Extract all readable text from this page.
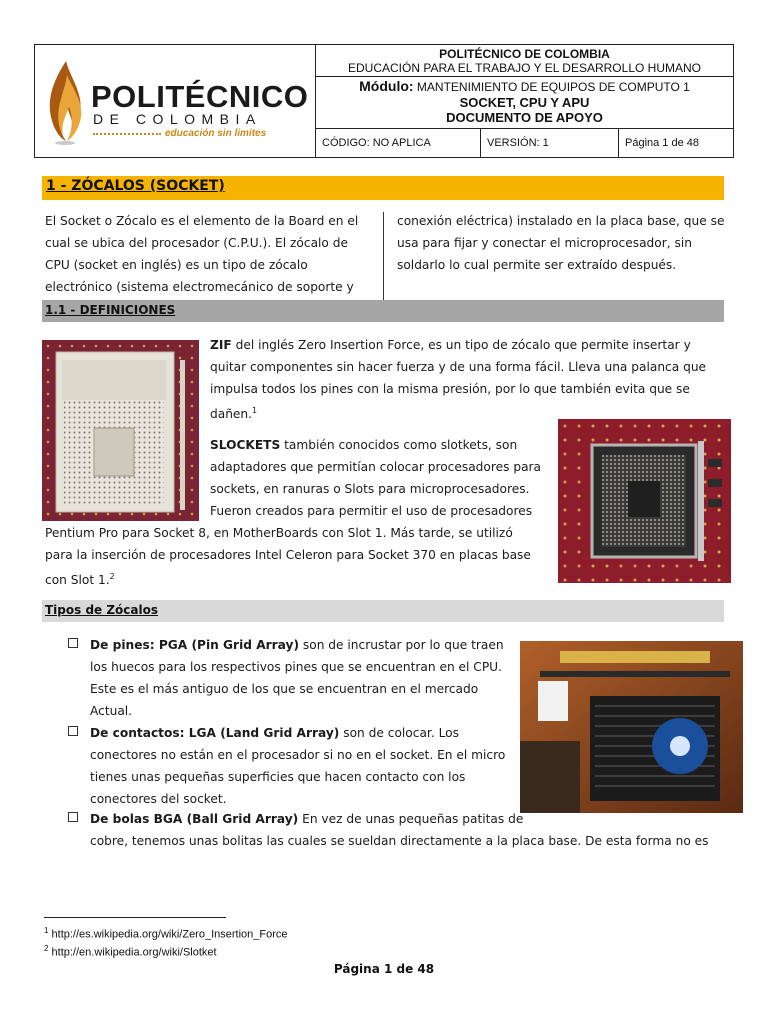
POLITÉCNICO
DE COLOMBIA
educación sin limites
POLITÉCNICO DE COLOMBIA
EDUCACIÓN PARA EL TRABAJO Y EL DESARROLLO HUMANO
Módulo: MANTENIMIENTO DE EQUIPOS DE COMPUTO 1
SOCKET, CPU Y APU
DOCUMENTO DE APOYO
CÓDIGO: NO APLICA	VERSIÓN: 1	Página 1 de 48
1 - ZÓCALOS (SOCKET)
El Socket o Zócalo es el elemento de la Board en el
cual se ubica del procesador (C.P.U.). El zócalo de
CPU (socket en inglés) es un tipo de zócalo
electrónico (sistema electromecánico de soporte y
conexión eléctrica) instalado en la placa base, que se
usa para fijar y conectar el microprocesador, sin
soldarlo lo cual permite ser extraído después.
1.1 - DEFINICIONES
ZIF del inglés Zero Insertion Force, es un tipo de zócalo que permite insertar y
quitar componentes sin hacer fuerza y de una forma fácil. Lleva una palanca que
impulsa todos los pines con la misma presión, por lo que también evita que se
dañen.$^1$
SLOCKETS también conocidos como slotkets, son
adaptadores que permitían colocar procesadores para
sockets, en ranuras o Slots para microprocesadores.
Fueron creados para permitir el uso de procesadores
Pentium Pro para Socket 8, en MotherBoards con Slot 1. Más tarde, se utilizó
para la inserción de procesadores Intel Celeron para Socket 370 en placas base
con Slot 1.$^2$
Tipos de Zócalos
De pines: PGA (Pin Grid Array) son de incrustar por lo que traen
los huecos para los respectivos pines que se encuentran en el CPU.
Este es el más antiguo de los que se encuentran en el mercado
Actual.
De contactos: LGA (Land Grid Array) son de colocar. Los
conectores no están en el procesador si no en el socket. En el micro
tienes unas pequeñas superficies que hacen contacto con los
conectores del socket.
De bolas BGA (Ball Grid Array) En vez de unas pequeñas patitas de
cobre, tenemos unas bolitas las cuales se sueldan directamente a la placa base. De esta forma no es
$^1$ http://es.wikipedia.org/wiki/Zero_Insertion_Force
$^2$ http://en.wikipedia.org/wiki/Slotket
Página 1 de 48
